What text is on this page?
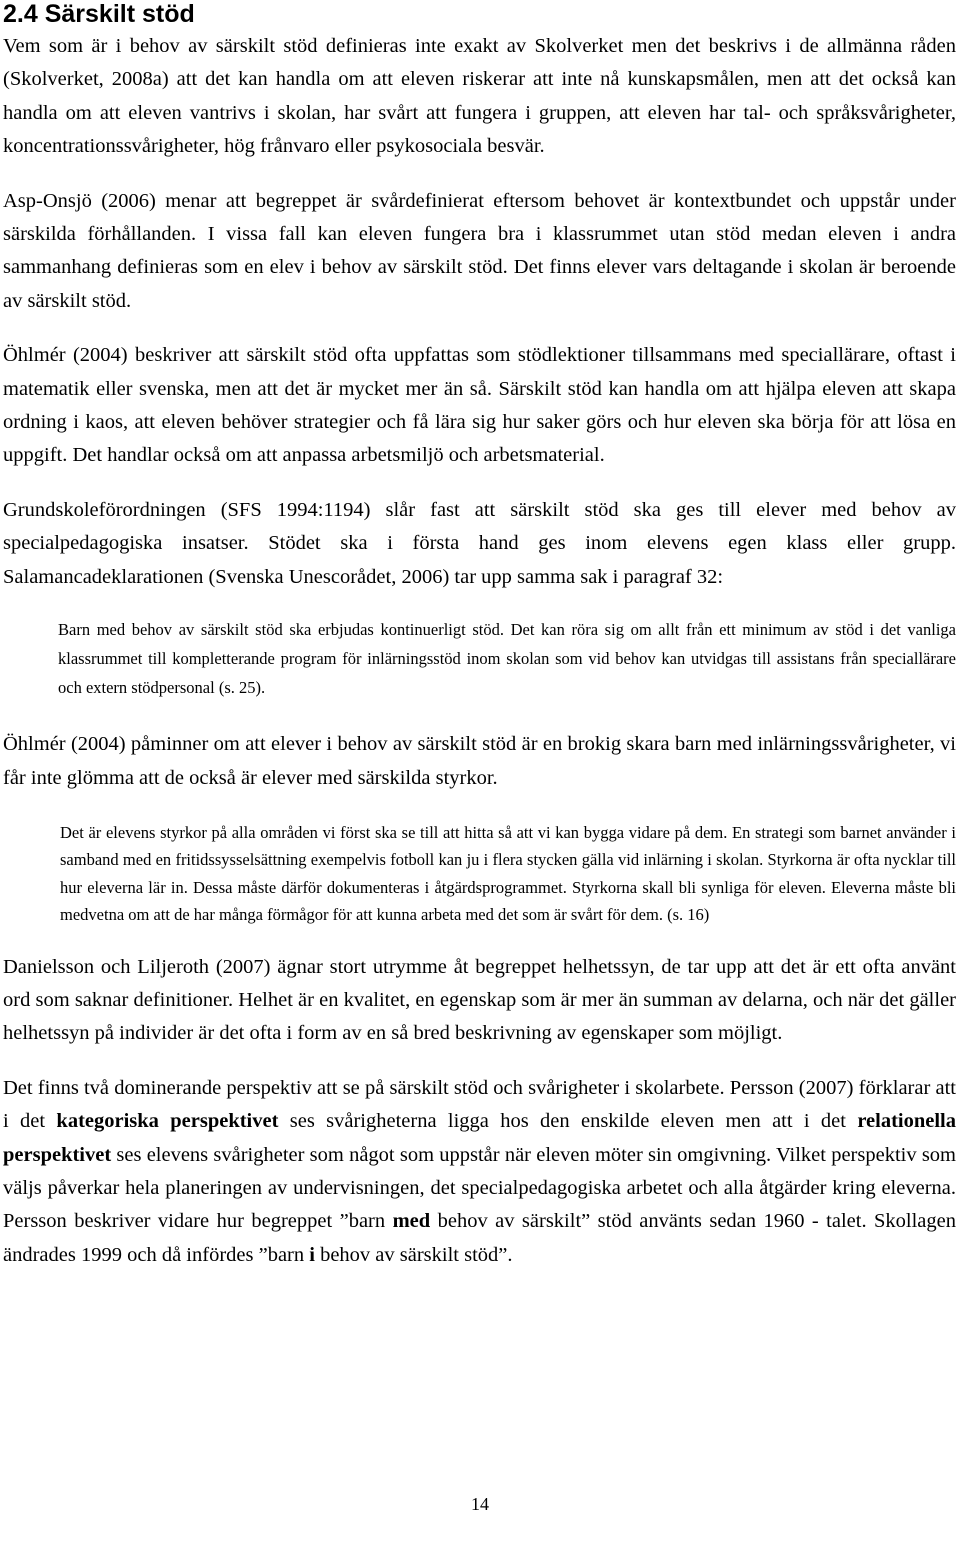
2.4 Särskilt stöd

Vem som är i behov av särskilt stöd definieras inte exakt av Skolverket men det beskrivs i de allmänna råden (Skolverket, 2008a) att det kan handla om att eleven riskerar att inte nå kunskapsmålen, men att det också kan handla om att eleven vantrivs i skolan, har svårt att fungera i gruppen, att eleven har tal- och språksvårigheter, koncentrationssvårigheter, hög frånvaro eller psykosociala besvär.

Asp-Onsjö (2006) menar att begreppet är svårdefinierat eftersom behovet är kontextbundet och uppstår under särskilda förhållanden. I vissa fall kan eleven fungera bra i klassrummet utan stöd medan eleven i andra sammanhang definieras som en elev i behov av särskilt stöd. Det finns elever vars deltagande i skolan är beroende av särskilt stöd.

Öhlmér (2004) beskriver att särskilt stöd ofta uppfattas som stödlektioner tillsammans med speciallärare, oftast i matematik eller svenska, men att det är mycket mer än så. Särskilt stöd kan handla om att hjälpa eleven att skapa ordning i kaos, att eleven behöver strategier och få lära sig hur saker görs och hur eleven ska börja för att lösa en uppgift. Det handlar också om att anpassa arbetsmiljö och arbetsmaterial.

Grundskoleförordningen (SFS 1994:1194) slår fast att särskilt stöd ska ges till elever med behov av specialpedagogiska insatser. Stödet ska i första hand ges inom elevens egen klass eller grupp. Salamancadeklarationen (Svenska Unescorådet, 2006) tar upp samma sak i paragraf 32:

Barn med behov av särskilt stöd ska erbjudas kontinuerligt stöd. Det kan röra sig om allt från ett minimum av stöd i det vanliga klassrummet till kompletterande program för inlärningsstöd inom skolan som vid behov kan utvidgas till assistans från speciallärare och extern stödpersonal (s. 25).

Öhlmér (2004) påminner om att elever i behov av särskilt stöd är en brokig skara barn med inlärningssvårigheter, vi får inte glömma att de också är elever med särskilda styrkor.

Det är elevens styrkor på alla områden vi först ska se till att hitta så att vi kan bygga vidare på dem. En strategi som barnet använder i samband med en fritidssysselsättning exempelvis fotboll kan ju i flera stycken gälla vid inlärning i skolan. Styrkorna är ofta nycklar till hur eleverna lär in. Dessa måste därför dokumenteras i åtgärdsprogrammet. Styrkorna skall bli synliga för eleven. Eleverna måste bli medvetna om att de har många förmågor för att kunna arbeta med det som är svårt för dem. (s. 16)

Danielsson och Liljeroth (2007) ägnar stort utrymme åt begreppet helhetssyn, de tar upp att det är ett ofta använt ord som saknar definitioner. Helhet är en kvalitet, en egenskap som är mer än summan av delarna, och när det gäller helhetssyn på individer är det ofta i form av en så bred beskrivning av egenskaper som möjligt.

Det finns två dominerande perspektiv att se på särskilt stöd och svårigheter i skolarbete. Persson (2007) förklarar att i det kategoriska perspektivet ses svårigheterna ligga hos den enskilde eleven men att i det relationella perspektivet ses elevens svårigheter som något som uppstår när eleven möter sin omgivning. Vilket perspektiv som väljs påverkar hela planeringen av undervisningen, det specialpedagogiska arbetet och alla åtgärder kring eleverna. Persson beskriver vidare hur begreppet ”barn med behov av särskilt” stöd använts sedan 1960 - talet. Skollagen ändrades 1999 och då infördes ”barn i behov av särskilt stöd”.

14
